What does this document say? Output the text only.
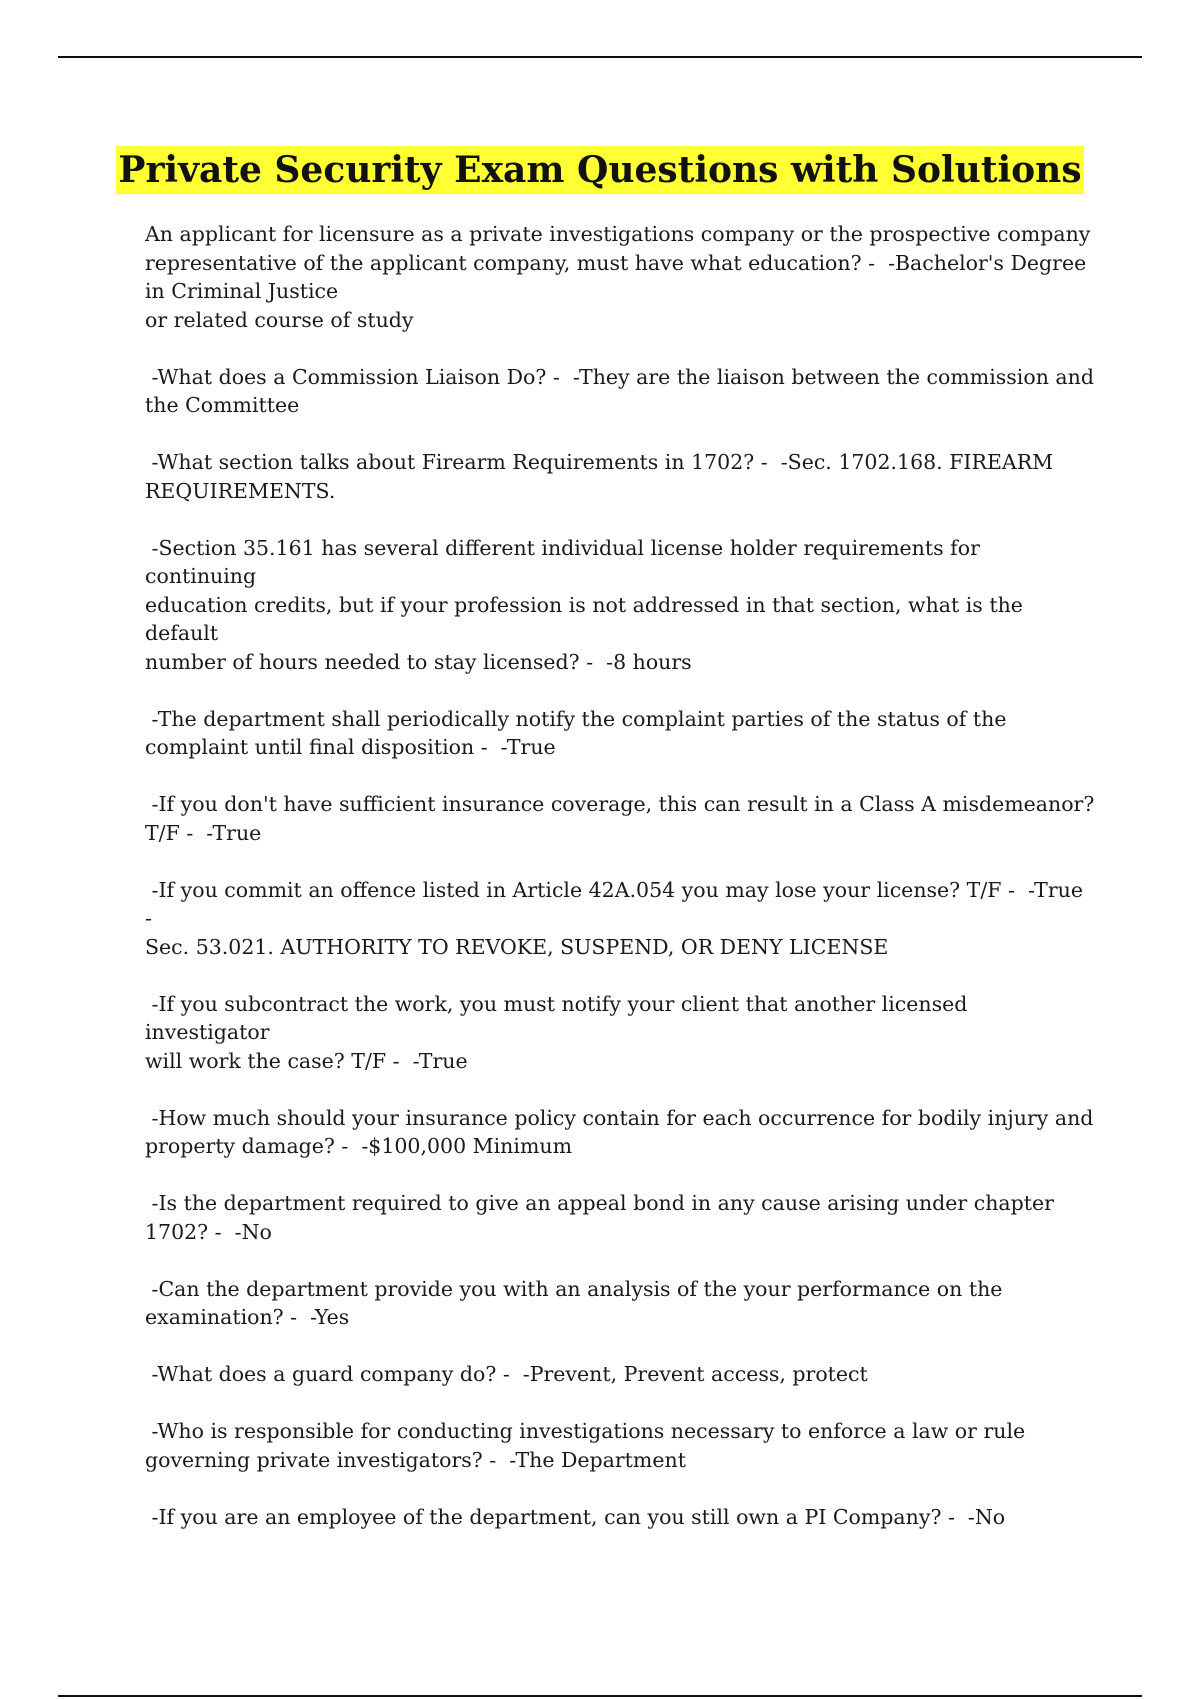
Private Security Exam Questions with Solutions
An applicant for licensure as a private investigations company or the prospective company
representative of the applicant company, must have what education? -  -Bachelor's Degree
in Criminal Justice
or related course of study
-What does a Commission Liaison Do? -  -They are the liaison between the commission and
the Committee
-What section talks about Firearm Requirements in 1702? -  -Sec. 1702.168. FIREARM
REQUIREMENTS.
-Section 35.161 has several different individual license holder requirements for continuing
education credits, but if your profession is not addressed in that section, what is the default
number of hours needed to stay licensed? -  -8 hours
-The department shall periodically notify the complaint parties of the status of the
complaint until final disposition -  -True
-If you don't have sufficient insurance coverage, this can result in a Class A misdemeanor?
T/F -  -True
-If you commit an offence listed in Article 42A.054 you may lose your license? T/F -  -True -
Sec. 53.021. AUTHORITY TO REVOKE, SUSPEND, OR DENY LICENSE
-If you subcontract the work, you must notify your client that another licensed investigator
will work the case? T/F -  -True
-How much should your insurance policy contain for each occurrence for bodily injury and
property damage? -  -$100,000 Minimum
-Is the department required to give an appeal bond in any cause arising under chapter
1702? -  -No
-Can the department provide you with an analysis of the your performance on the
examination? -  -Yes
-What does a guard company do? -  -Prevent, Prevent access, protect
-Who is responsible for conducting investigations necessary to enforce a law or rule
governing private investigators? -  -The Department
-If you are an employee of the department, can you still own a PI Company? -  -No
